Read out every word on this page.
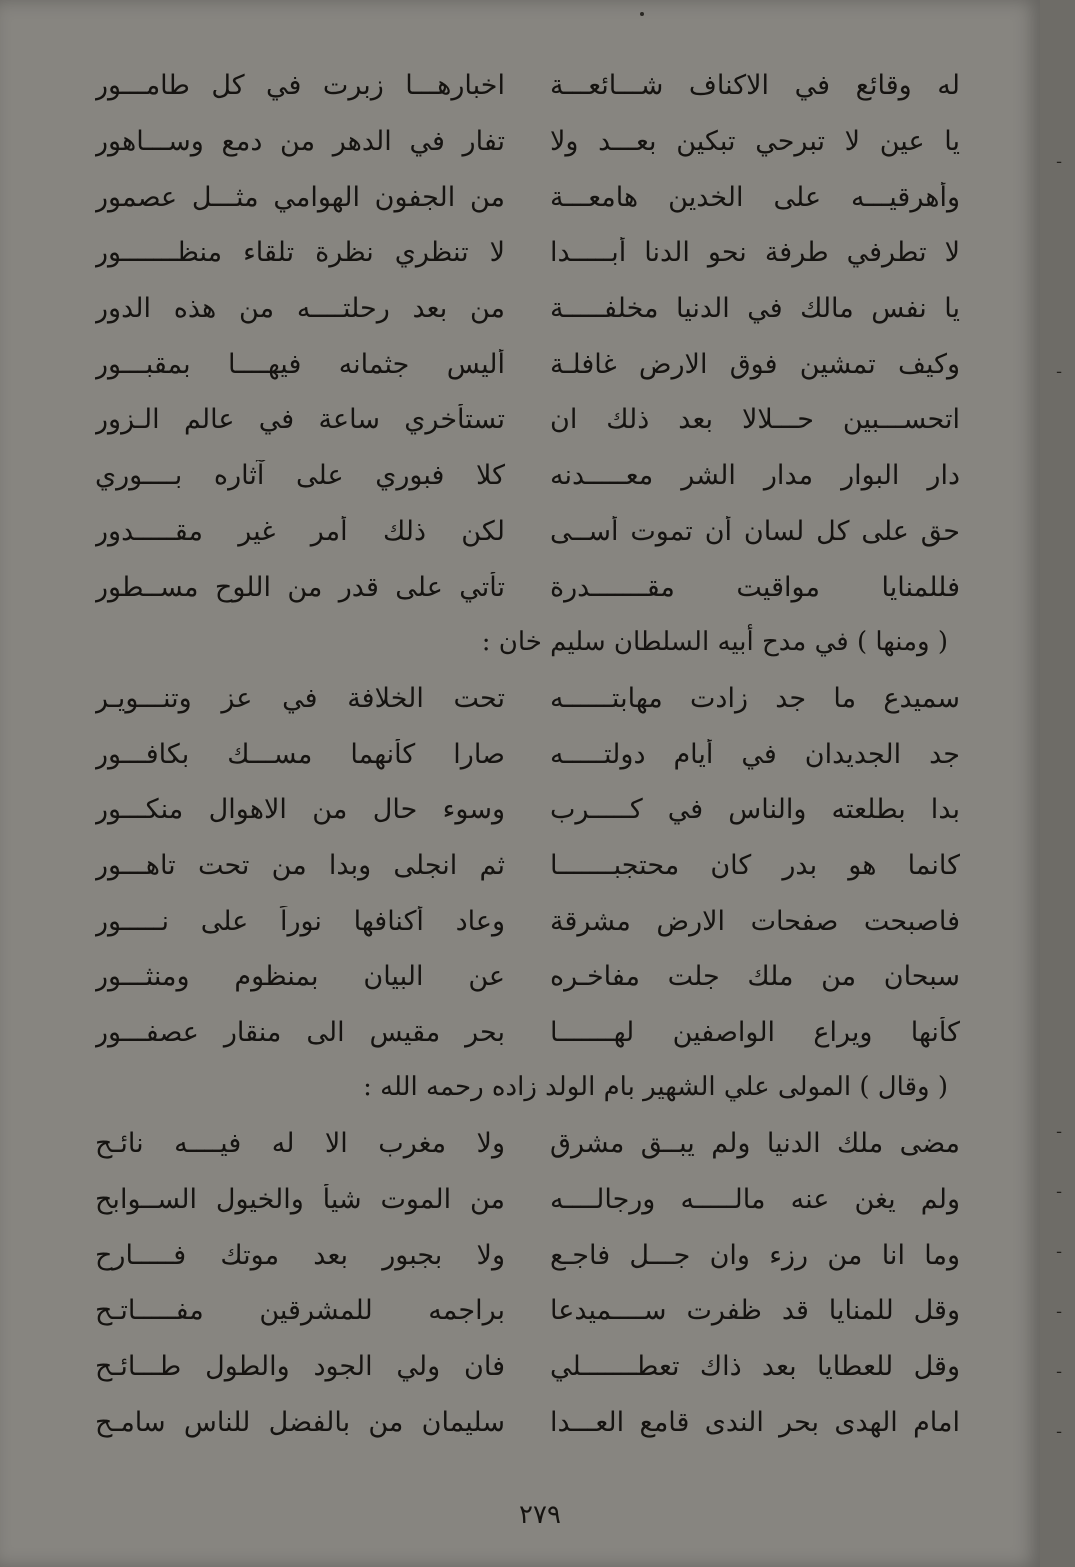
له وقائع في الاكناف شـــائعـــة
اخبارهـــا زبرت في كل طامـــور
يا عين لا تبرحي تبكين بعـــد ولا
تفار في الدهر من دمع وســـاهور
وأهرقيـــه على الخدين هامعـــة
من الجفون الهوامي مثـــل عصمور
لا تطرفي طرفة نحو الدنا أبـــــدا
لا تنظري نظرة تلقاء منظـــــــور
يا نفس مالك في الدنيا مخلفـــــة
من بعد رحلتــــه من هذه الدور
وكيف تمشين فوق الارض غافلـة
أليس جثمانه فيهــــا بمقبـــور
اتحســـبين حـــلالا بعد ذلك ان
تستأخري ساعة في عالم الـزور
دار البوار مدار الشر معـــــدنه
كلا فبوري على آثاره بــــوري
حق على كل لسان أن تموت أســى
لكن ذلك أمر غير مقـــــدور
فللمنايا مواقيت مقـــــــدرة
تأتي على قدر من اللوح مســطور
( ومنها ) في مدح أبيه السلطان سليم خان :
سميدع ما جد زادت مهابتــــــه
تحت الخلافة في عز وتنـــويـر
جد الجديدان في أيام دولتـــــه
صارا كأنهما مســـك بكافـــور
بدا بطلعته والناس في كـــــرب
وسوء حال من الاهوال منكـــور
كانما هو بدر كان محتجبـــــــا
ثم انجلى وبدا من تحت تاهـــور
فاصبحت صفحات الارض مشرقة
وعاد أكنافها نوراً على نـــــور
سبحان من ملك جلت مفاخـره
عن البيان بمنظوم ومنثـــور
كأنها ويراع الواصفين لهـــــــا
بحر مقيس الى منقار عصفـــور
( وقال ) المولى علي الشهير بام الولد زاده رحمه الله :
مضى ملك الدنيا ولم يبــق مشرق
ولا مغرب الا له فيــــه نائـح
ولم يغن عنه مالـــــه ورجالــــه
من الموت شيأ والخيول الســوابح
وما انا من رزء وان جـــل فاجـع
ولا بجبور بعد موتك فـــــارح
وقل للمنايا قد ظفرت ســــميدعا
براجمه للمشرقين مفـــــاتـح
وقل للعطايا بعد ذاك تعطـــــــلي
فان ولي الجود والطول طـــائـح
امام الهدى بحر الندى قامع العـــدا
سليمان من بالفضل للناس سامـح
٢٧٩
ـ
ـ
ـ
ـ
ـ
ـ
ـ
ـ
